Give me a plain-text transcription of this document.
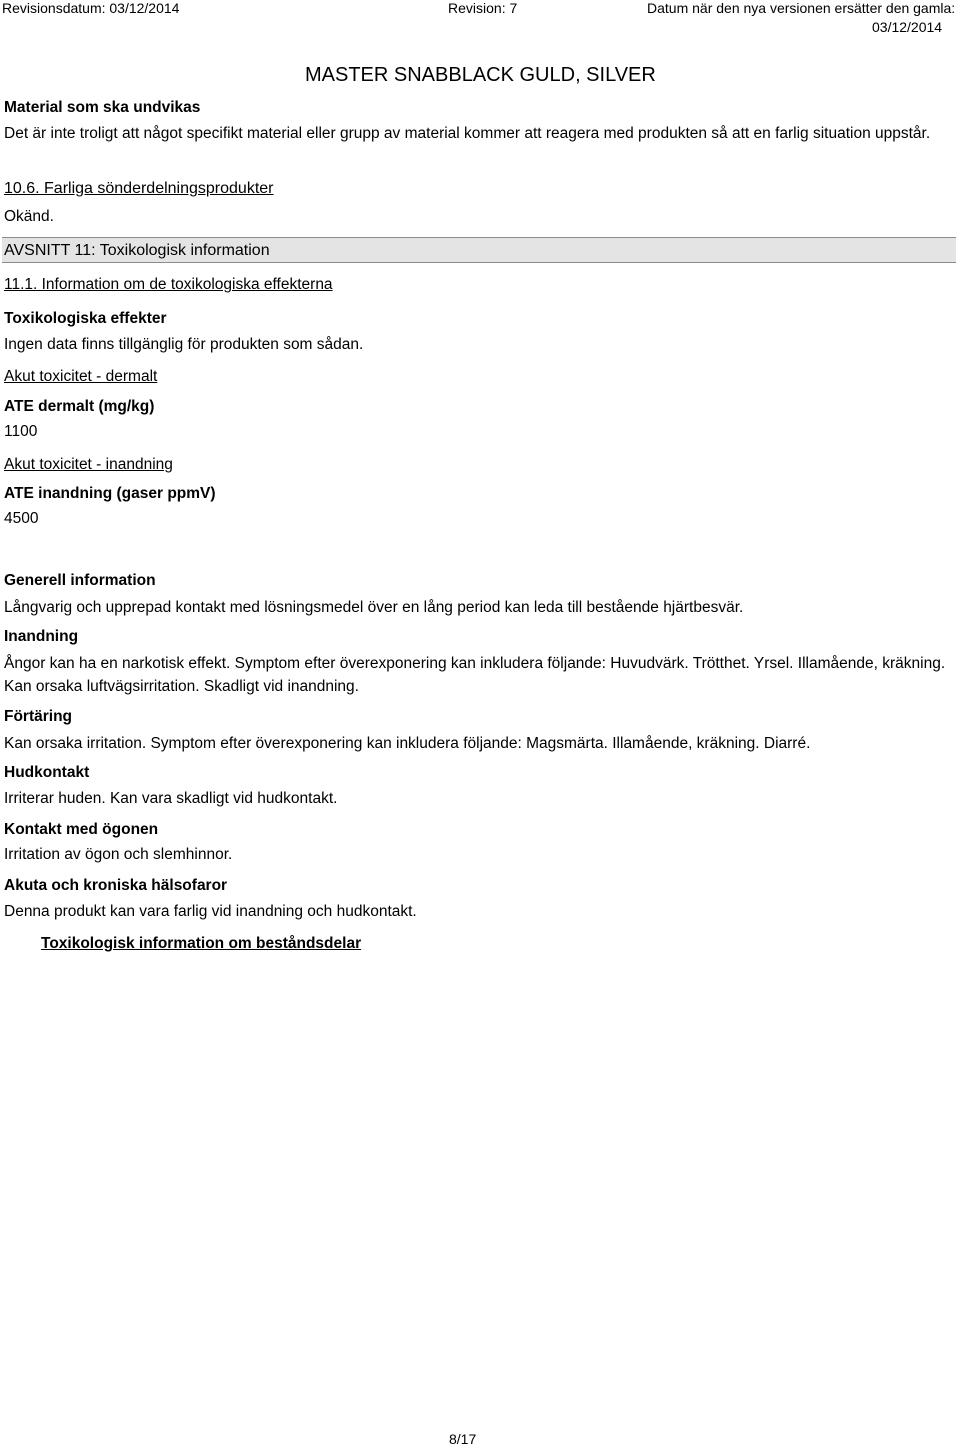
Revisionsdatum: 03/12/2014	Revision: 7	Datum när den nya versionen ersätter den gamla:
03/12/2014
MASTER SNABBLACK GULD, SILVER
Material som ska undvikas
Det är inte troligt att något specifikt material eller grupp av material kommer att reagera med produkten så att en farlig situation uppstår.
10.6. Farliga sönderdelningsprodukter
Okänd.
AVSNITT 11: Toxikologisk information
11.1. Information om de toxikologiska effekterna
Toxikologiska effekter
Ingen data finns tillgänglig för produkten som sådan.
Akut toxicitet - dermalt
ATE dermalt (mg/kg)
1100
Akut toxicitet - inandning
ATE inandning (gaser ppmV)
4500
Generell information
Långvarig och upprepad kontakt med lösningsmedel över en lång period kan leda till bestående hjärtbesvär.
Inandning
Ångor kan ha en narkotisk effekt. Symptom efter överexponering kan inkludera följande: Huvudvärk. Trötthet. Yrsel. Illamående, kräkning. Kan orsaka luftvägsirritation. Skadligt vid inandning.
Förtäring
Kan orsaka irritation. Symptom efter överexponering kan inkludera följande: Magsmärta. Illamående, kräkning. Diarré.
Hudkontakt
Irriterar huden. Kan vara skadligt vid hudkontakt.
Kontakt med ögonen
Irritation av ögon och slemhinnor.
Akuta och kroniska hälsofaror
Denna produkt kan vara farlig vid inandning och hudkontakt.
Toxikologisk information om beståndsdelar
8/17
